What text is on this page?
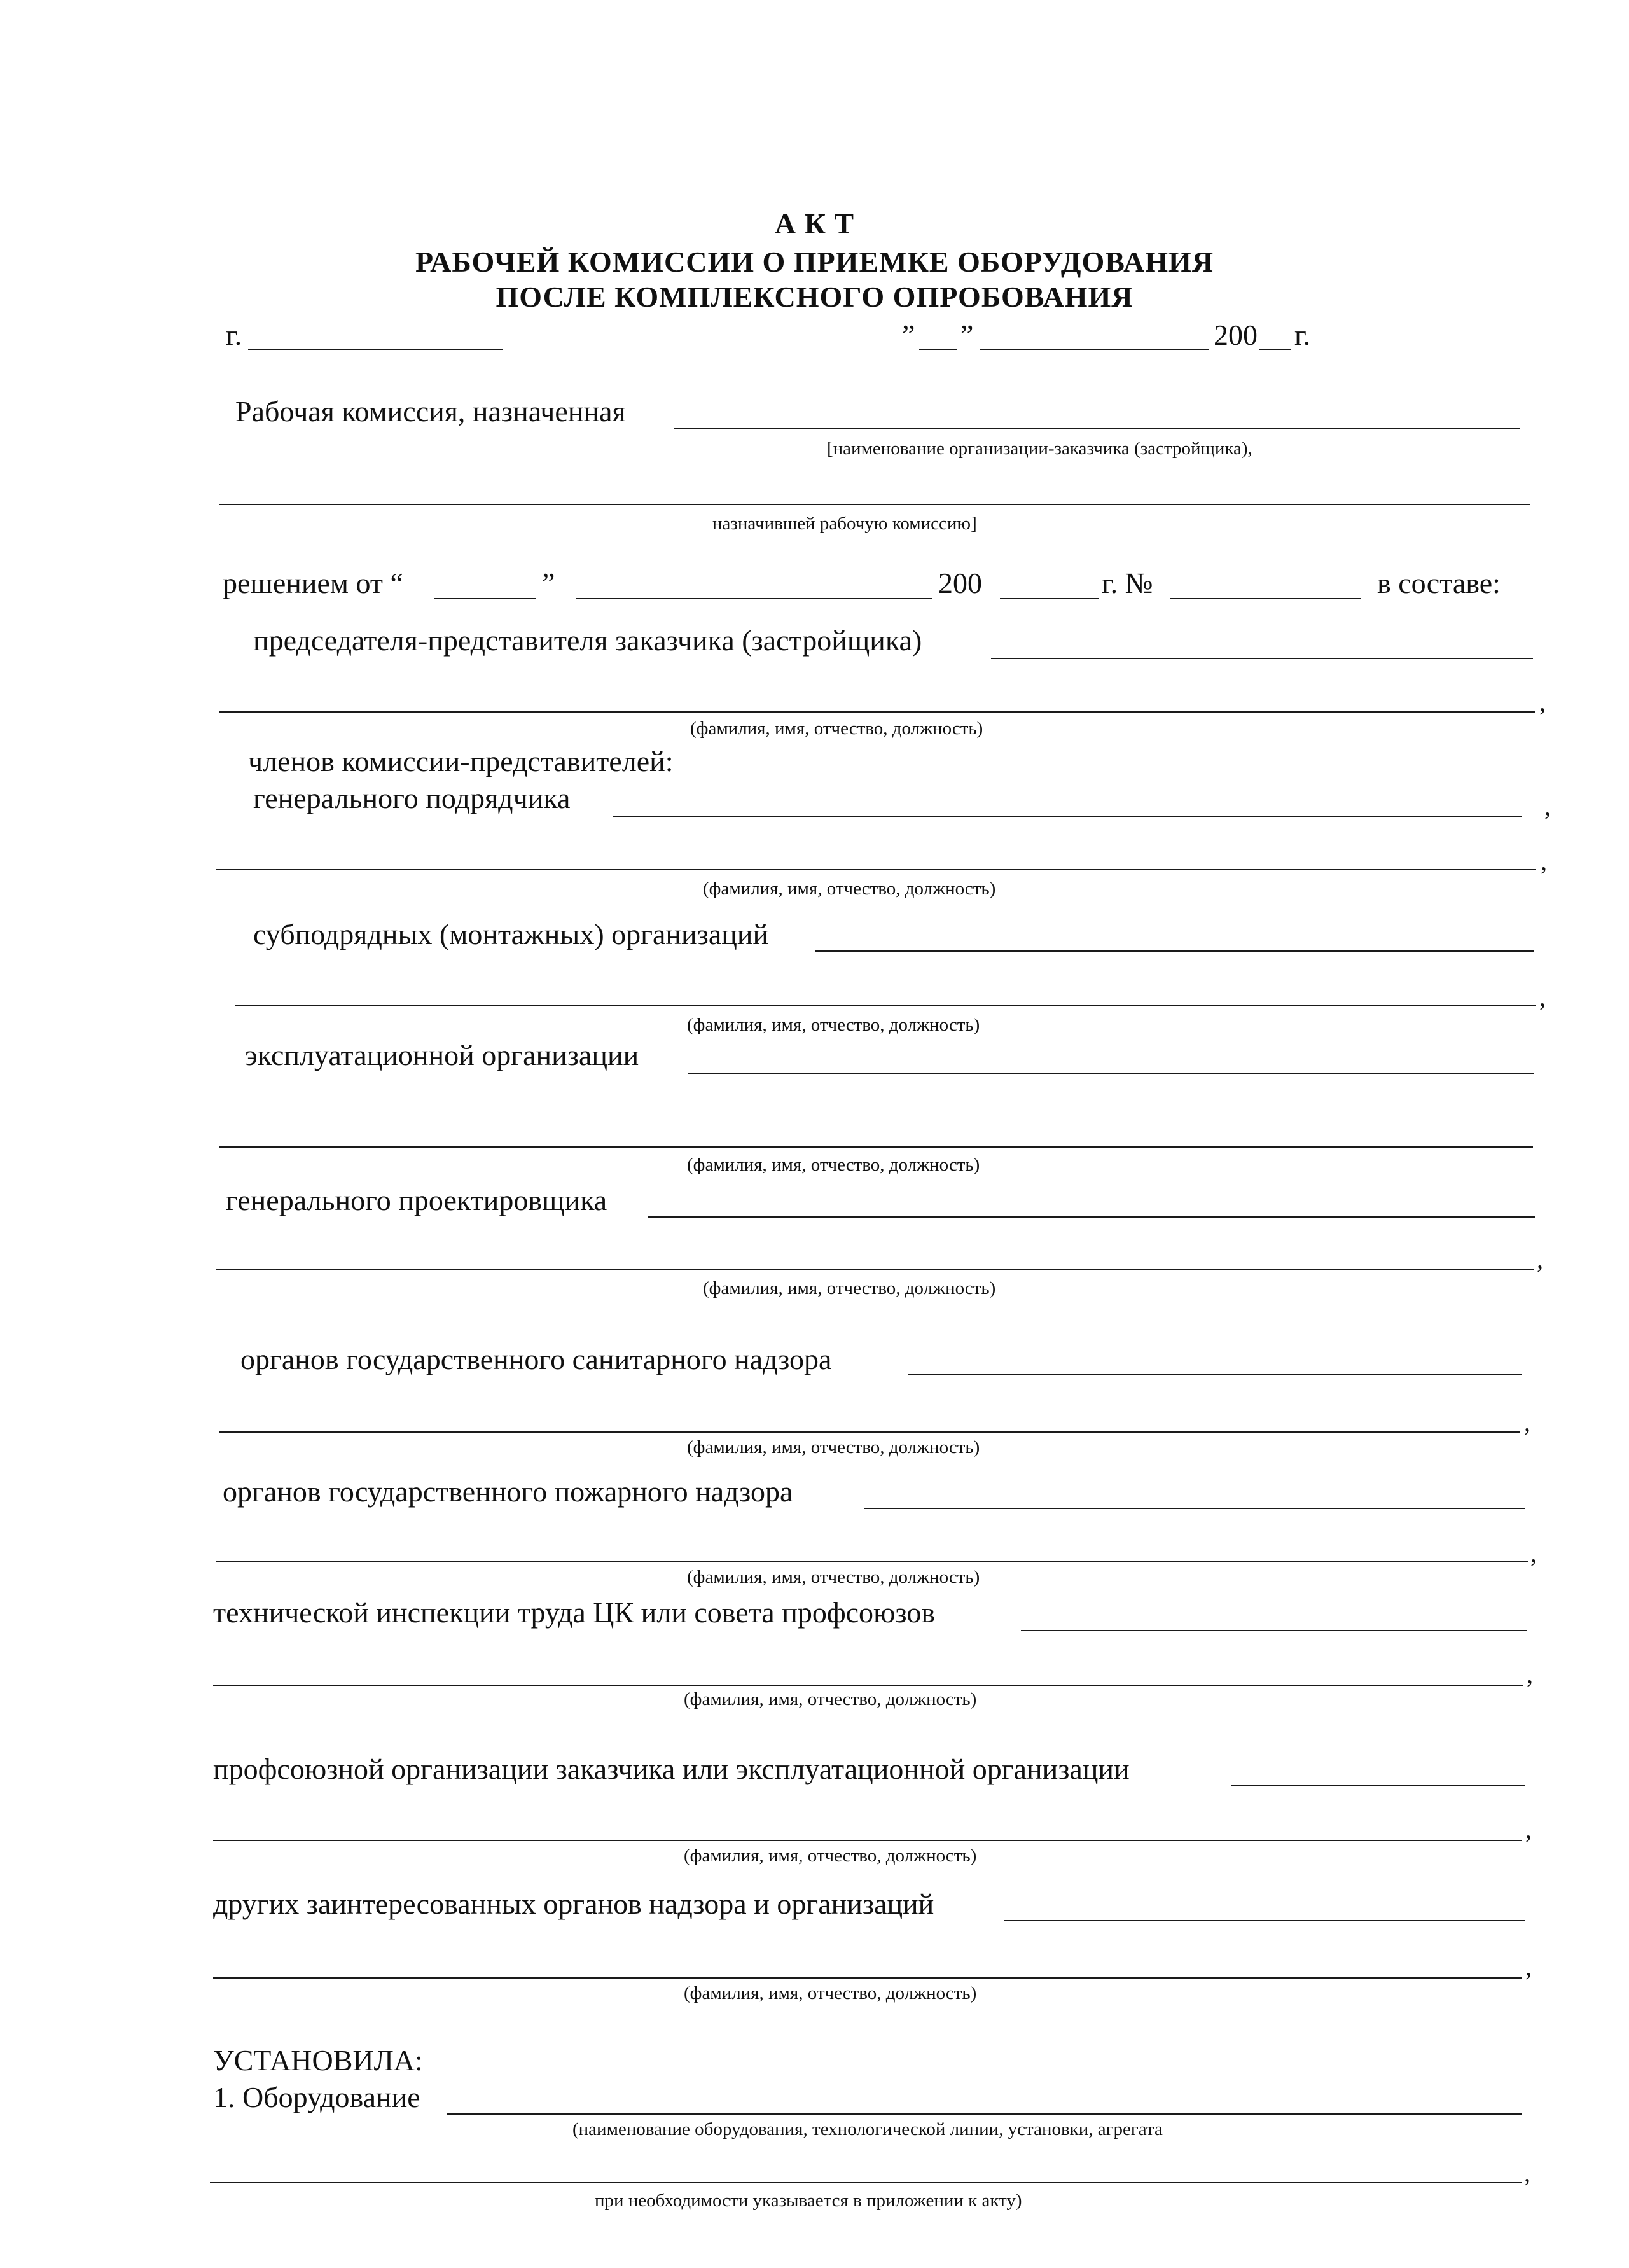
А К Т
РАБОЧЕЙ КОМИССИИ О ПРИЕМКЕ ОБОРУДОВАНИЯ
ПОСЛЕ КОМПЛЕКСНОГО ОПРОБОВАНИЯ
г.	” ”	200 г.
Рабочая комиссия, назначенная
[наименование организации-заказчика (застройщика),
назначившей рабочую комиссию]
решением от “	”	200	г. №	в составе:
председателя-представителя заказчика (застройщика)
,
(фамилия, имя, отчество, должность)
членов комиссии-представителей:
генерального подрядчика	,
,
(фамилия, имя, отчество, должность)
субподрядных (монтажных) организаций
,
(фамилия, имя, отчество, должность)
эксплуатационной организации
(фамилия, имя, отчество, должность)
генерального проектировщика
,
(фамилия, имя, отчество, должность)
органов государственного санитарного надзора
,
(фамилия, имя, отчество, должность)
органов государственного пожарного надзора
,
(фамилия, имя, отчество, должность)
технической инспекции труда ЦК или совета профсоюзов
,
(фамилия, имя, отчество, должность)
профсоюзной организации заказчика или эксплуатационной организации
,
(фамилия, имя, отчество, должность)
других заинтересованных органов надзора и организаций
,
(фамилия, имя, отчество, должность)
УСТАНОВИЛА:
1. Оборудование
(наименование оборудования, технологической линии, установки, агрегата
,
при необходимости указывается в приложении к акту)
